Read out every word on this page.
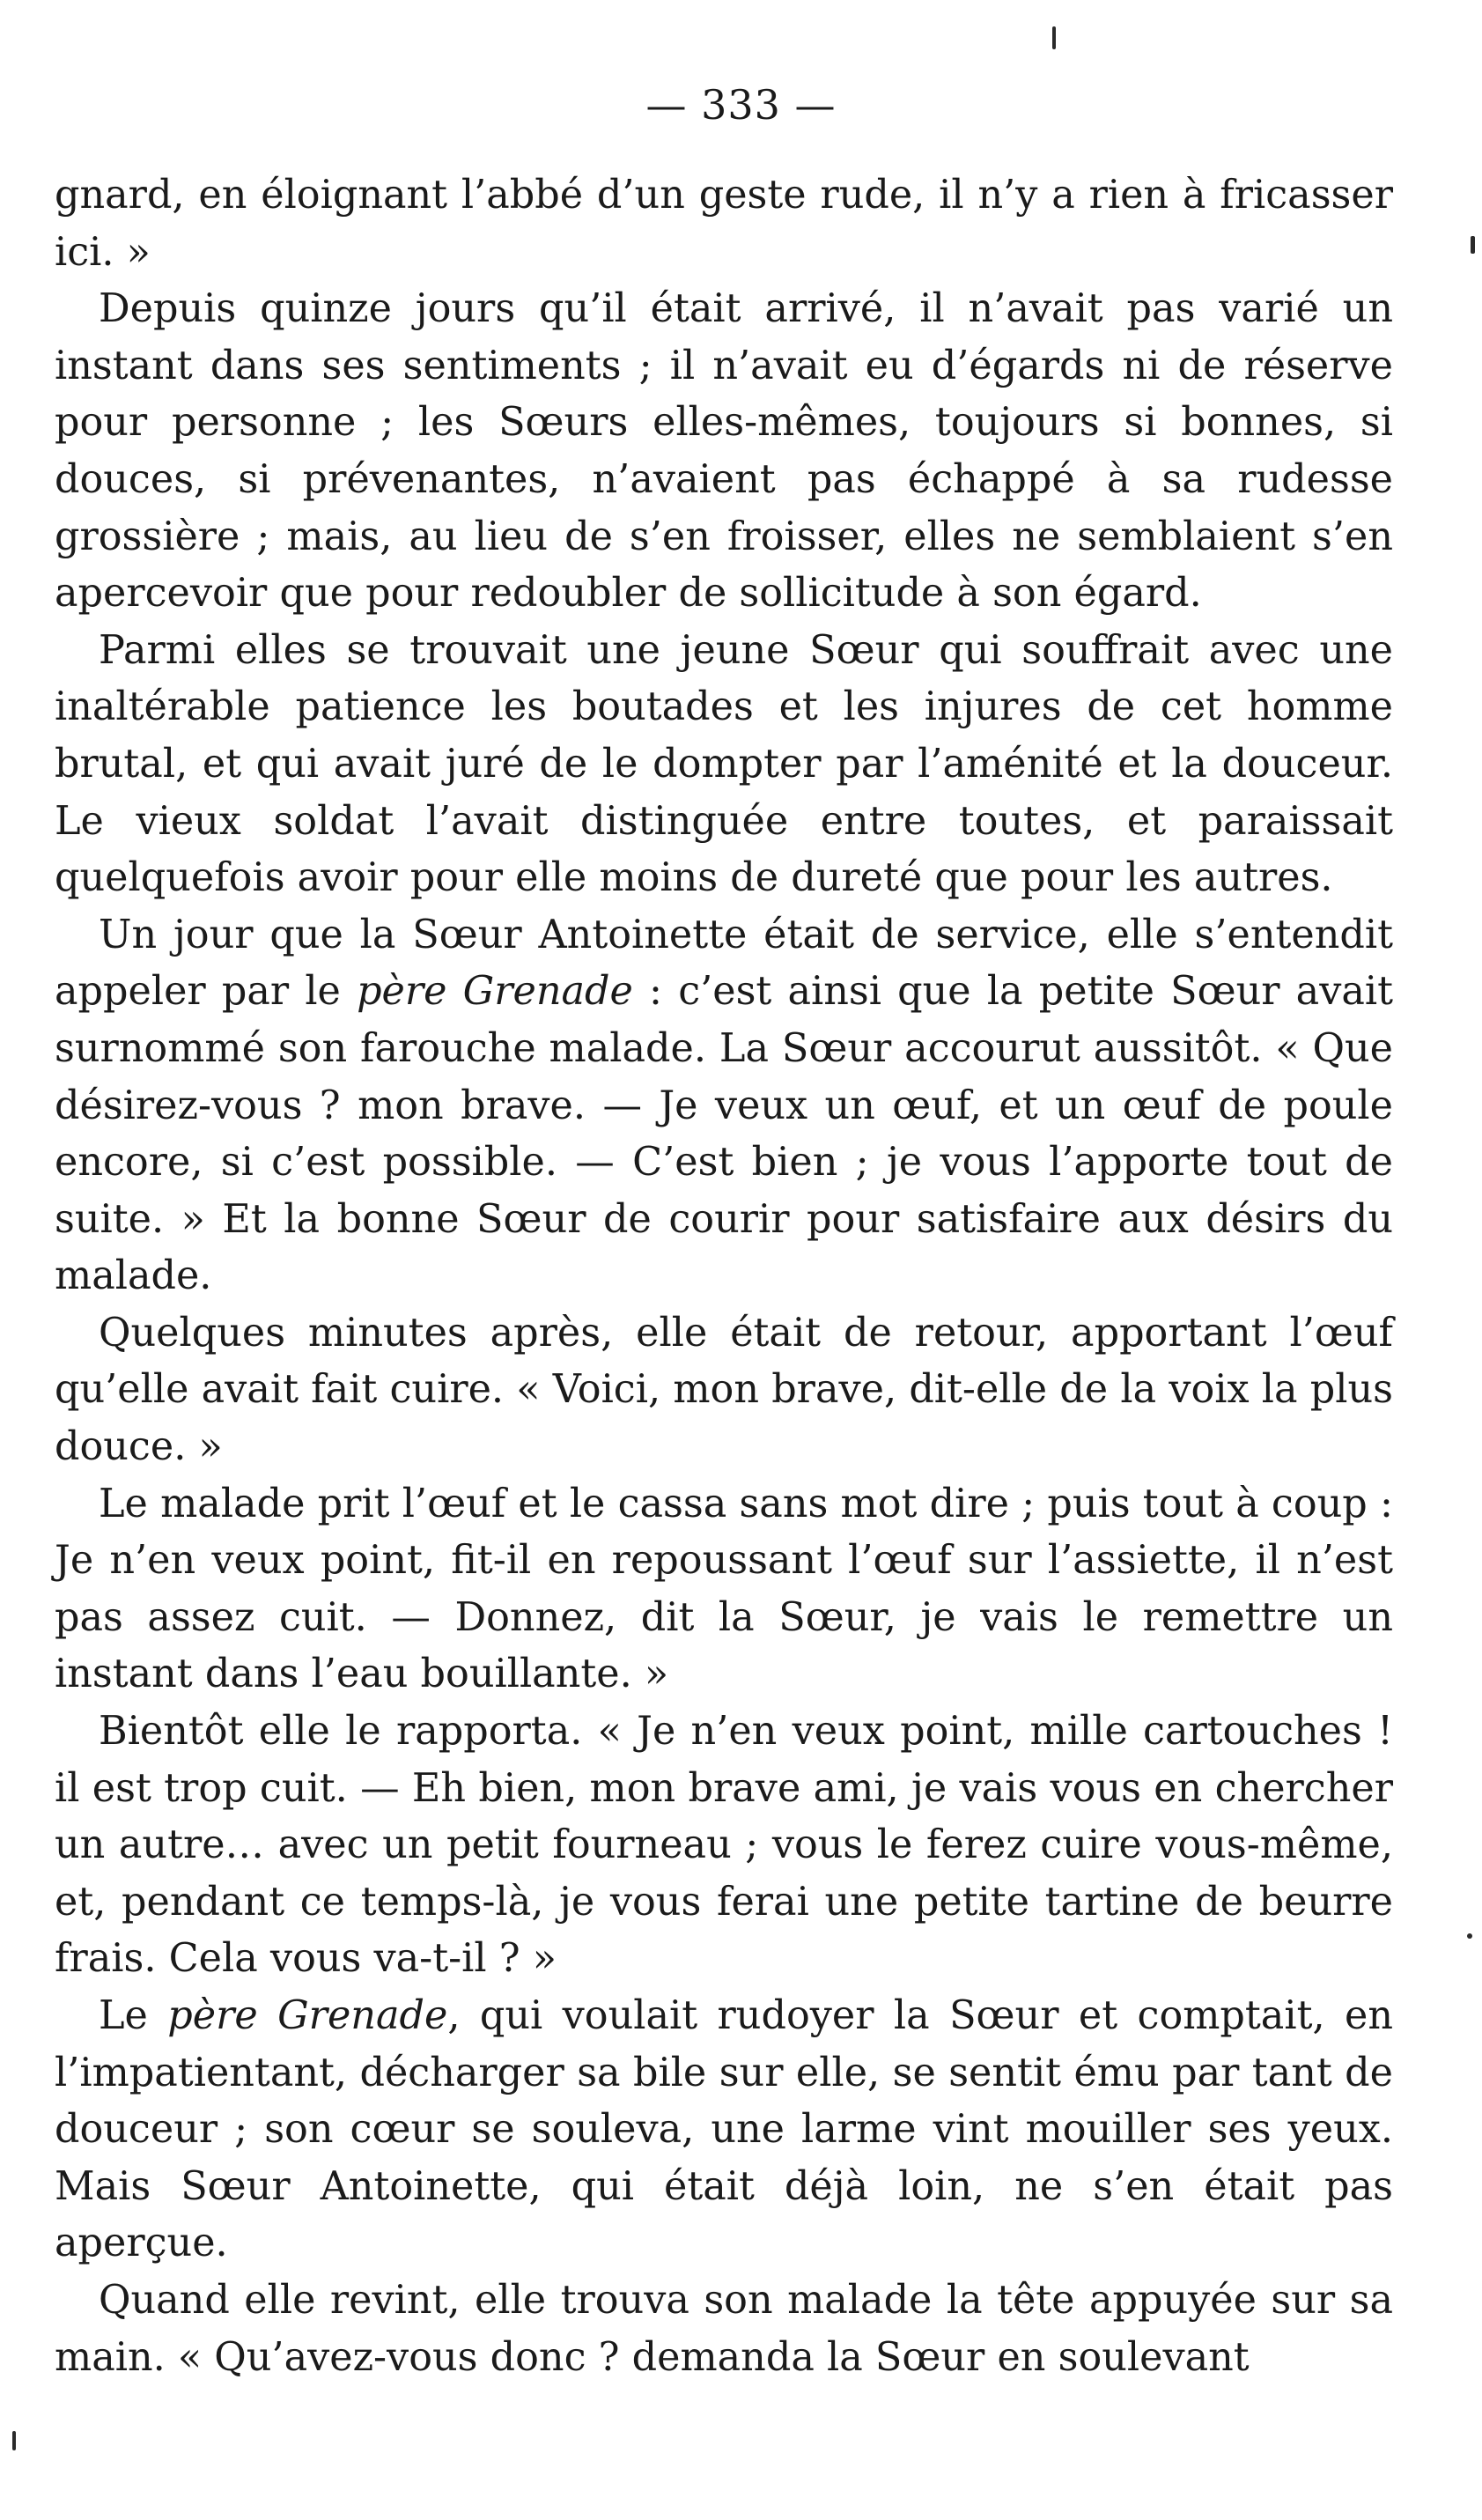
— 333 —

gnard, en éloignant l’abbé d’un geste rude, il n’y a rien à fricasser ici. »

Depuis quinze jours qu’il était arrivé, il n’avait pas varié un instant dans ses sentiments ; il n’avait eu d’égards ni de réserve pour personne ; les Sœurs elles-mêmes, toujours si bonnes, si douces, si prévenantes, n’avaient pas échappé à sa rudesse grossière ; mais, au lieu de s’en froisser, elles ne semblaient s’en apercevoir que pour redoubler de sollicitude à son égard.

Parmi elles se trouvait une jeune Sœur qui souffrait avec une inaltérable patience les boutades et les injures de cet homme brutal, et qui avait juré de le dompter par l’aménité et la douceur. Le vieux soldat l’avait distinguée entre toutes, et paraissait quelquefois avoir pour elle moins de dureté que pour les autres.

Un jour que la Sœur Antoinette était de service, elle s’entendit appeler par le père Grenade : c’est ainsi que la petite Sœur avait surnommé son farouche malade. La Sœur accourut aussitôt. « Que désirez-vous ? mon brave. — Je veux un œuf, et un œuf de poule encore, si c’est possible. — C’est bien ; je vous l’apporte tout de suite. » Et la bonne Sœur de courir pour satisfaire aux désirs du malade.

Quelques minutes après, elle était de retour, apportant l’œuf qu’elle avait fait cuire. « Voici, mon brave, dit-elle de la voix la plus douce. »

Le malade prit l’œuf et le cassa sans mot dire ; puis tout à coup : Je n’en veux point, fit-il en repoussant l’œuf sur l’assiette, il n’est pas assez cuit. — Donnez, dit la Sœur, je vais le remettre un instant dans l’eau bouillante. »

Bientôt elle le rapporta. « Je n’en veux point, mille cartouches ! il est trop cuit. — Eh bien, mon brave ami, je vais vous en chercher un autre… avec un petit fourneau ; vous le ferez cuire vous-même, et, pendant ce temps-là, je vous ferai une petite tartine de beurre frais. Cela vous va-t-il ? »

Le père Grenade, qui voulait rudoyer la Sœur et comptait, en l’impatientant, décharger sa bile sur elle, se sentit ému par tant de douceur ; son cœur se souleva, une larme vint mouiller ses yeux. Mais Sœur Antoinette, qui était déjà loin, ne s’en était pas aperçue.

Quand elle revint, elle trouva son malade la tête appuyée sur sa main. « Qu’avez-vous donc ? demanda la Sœur en soulevant
